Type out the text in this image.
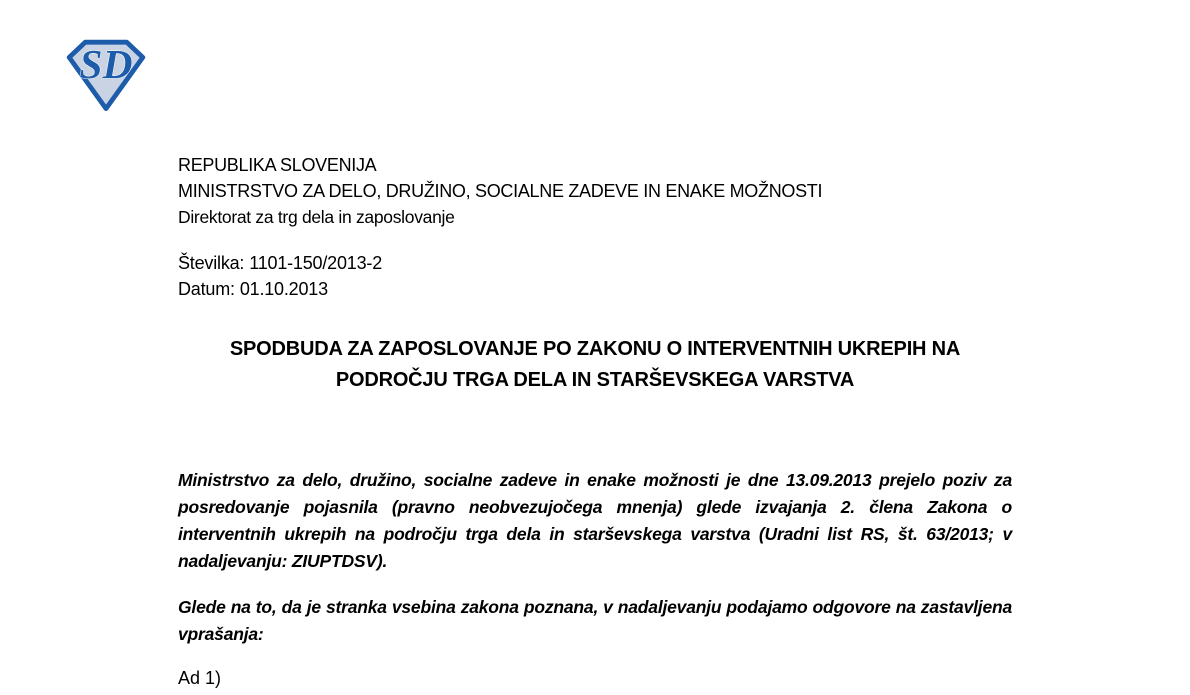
SD
REPUBLIKA SLOVENIJA
MINISTRSTVO ZA DELO, DRUŽINO, SOCIALNE ZADEVE IN ENAKE MOŽNOSTI
Direktorat za trg dela in zaposlovanje
Številka: 1101-150/2013-2
Datum: 01.10.2013
SPODBUDA ZA ZAPOSLOVANJE PO ZAKONU O INTERVENTNIH UKREPIH NA PODROČJU TRGA DELA IN STARŠEVSKEGA VARSTVA
Ministrstvo za delo, družino, socialne zadeve in enake možnosti je dne 13.09.2013 prejelo poziv za posredovanje pojasnila (pravno neobvezujočega mnenja) glede izvajanja 2. člena Zakona o interventnih ukrepih na področju trga dela in starševskega varstva (Uradni list RS, št. 63/2013; v nadaljevanju: ZIUPTDSV).
Glede na to, da je stranka vsebina zakona poznana, v nadaljevanju podajamo odgovore na zastavljena vprašanja:
Ad 1)
